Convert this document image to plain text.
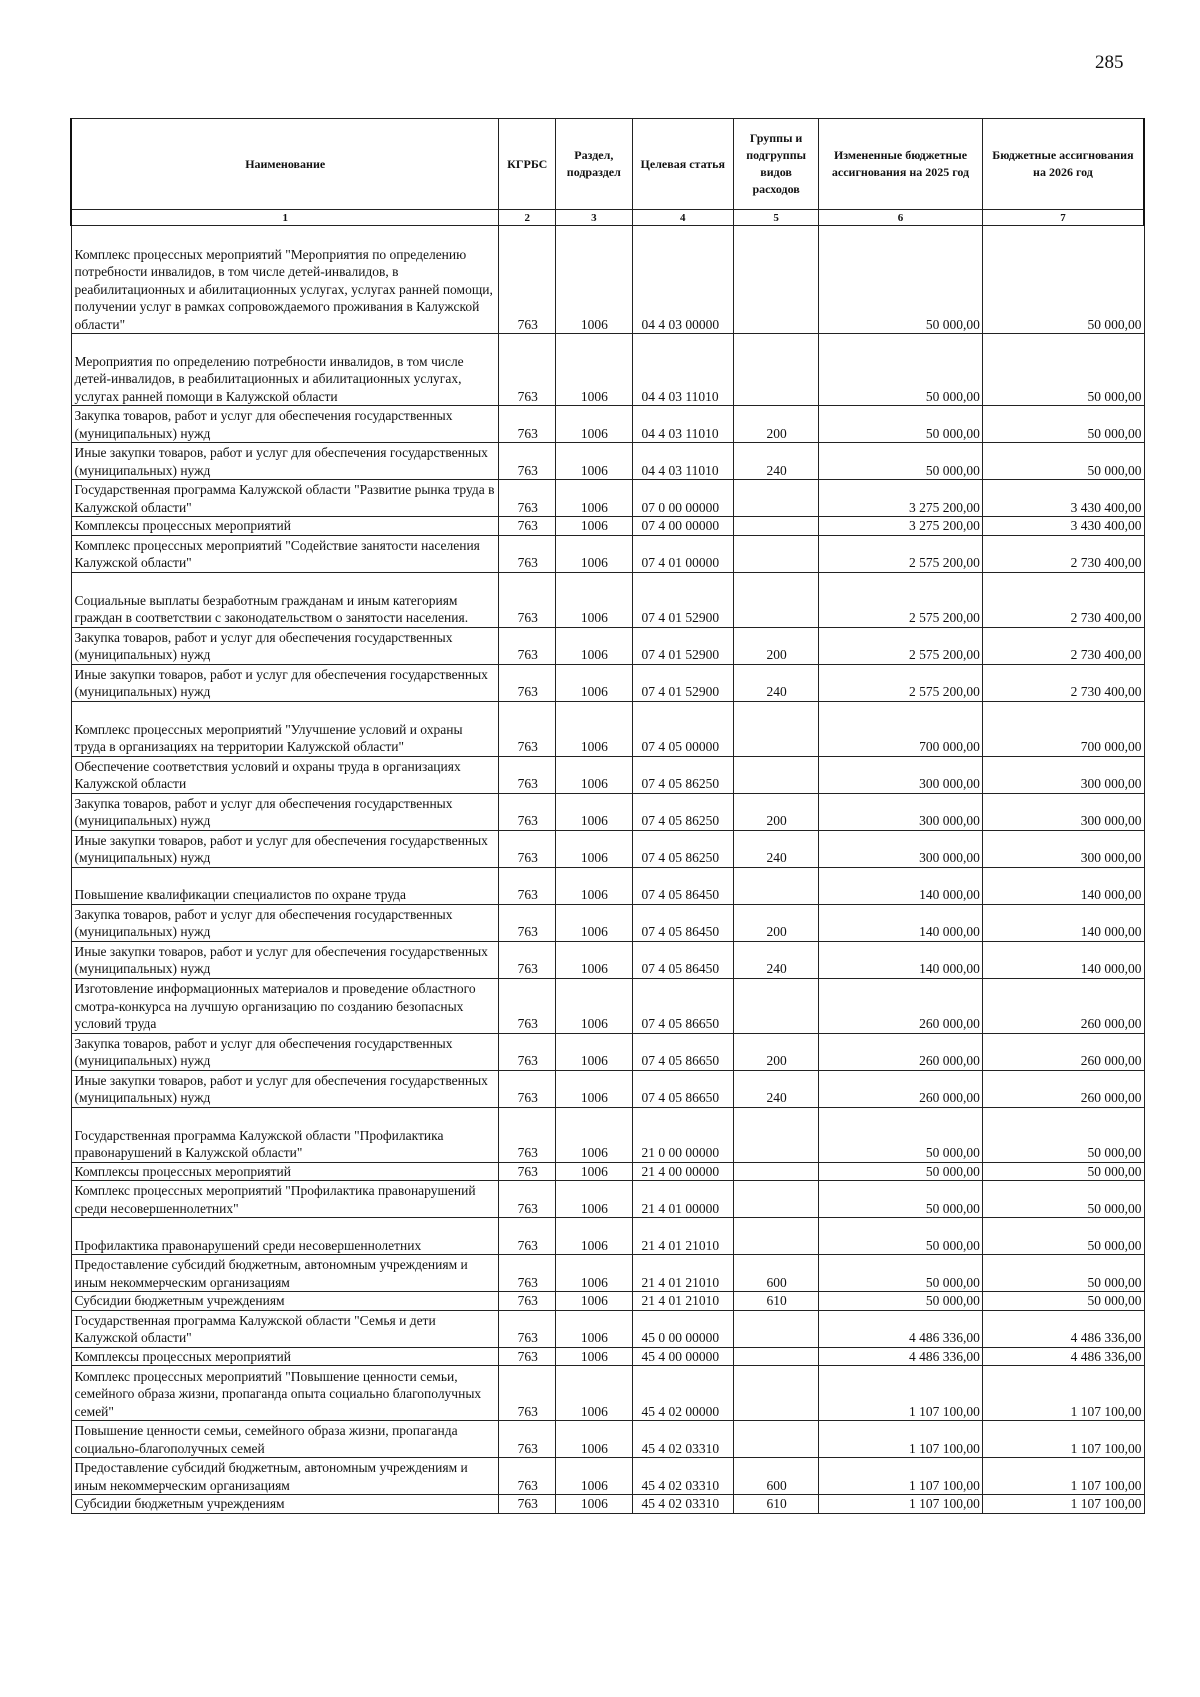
285
Наименование	КГРБС	Раздел, подраздел	Целевая статья	Группы и подгруппы видов расходов	Измененные бюджетные ассигнования на 2025 год	Бюджетные ассигнования на 2026 год
1	2	3	4	5	6	7
Комплекс процессных мероприятий "Мероприятия по определению потребности инвалидов, в том числе детей-инвалидов, в реабилитационных и абилитационных услугах, услугах ранней помощи, получении услуг в рамках сопровождаемого проживания в Калужской области"	763	1006	04 4 03 00000		50 000,00	50 000,00
Мероприятия по определению потребности инвалидов, в том числе детей-инвалидов, в реабилитационных и абилитационных услугах, услугах ранней помощи в Калужской области	763	1006	04 4 03 11010		50 000,00	50 000,00
Закупка товаров, работ и услуг для обеспечения государственных (муниципальных) нужд	763	1006	04 4 03 11010	200	50 000,00	50 000,00
Иные закупки товаров, работ и услуг для обеспечения государственных (муниципальных) нужд	763	1006	04 4 03 11010	240	50 000,00	50 000,00
Государственная программа Калужской области "Развитие рынка труда в Калужской области"	763	1006	07 0 00 00000		3 275 200,00	3 430 400,00
Комплексы процессных мероприятий	763	1006	07 4 00 00000		3 275 200,00	3 430 400,00
Комплекс процессных мероприятий "Содействие занятости населения Калужской области"	763	1006	07 4 01 00000		2 575 200,00	2 730 400,00
Социальные выплаты безработным гражданам и иным категориям граждан в соответствии с законодательством о занятости населения.	763	1006	07 4 01 52900		2 575 200,00	2 730 400,00
Закупка товаров, работ и услуг для обеспечения государственных (муниципальных) нужд	763	1006	07 4 01 52900	200	2 575 200,00	2 730 400,00
Иные закупки товаров, работ и услуг для обеспечения государственных (муниципальных) нужд	763	1006	07 4 01 52900	240	2 575 200,00	2 730 400,00
Комплекс процессных мероприятий "Улучшение условий и охраны труда в организациях на территории Калужской области"	763	1006	07 4 05 00000		700 000,00	700 000,00
Обеспечение соответствия условий и охраны труда в организациях Калужской области	763	1006	07 4 05 86250		300 000,00	300 000,00
Закупка товаров, работ и услуг для обеспечения государственных (муниципальных) нужд	763	1006	07 4 05 86250	200	300 000,00	300 000,00
Иные закупки товаров, работ и услуг для обеспечения государственных (муниципальных) нужд	763	1006	07 4 05 86250	240	300 000,00	300 000,00
Повышение квалификации специалистов по охране труда	763	1006	07 4 05 86450		140 000,00	140 000,00
Закупка товаров, работ и услуг для обеспечения государственных (муниципальных) нужд	763	1006	07 4 05 86450	200	140 000,00	140 000,00
Иные закупки товаров, работ и услуг для обеспечения государственных (муниципальных) нужд	763	1006	07 4 05 86450	240	140 000,00	140 000,00
Изготовление информационных материалов и проведение областного смотра-конкурса на лучшую организацию по созданию безопасных условий труда	763	1006	07 4 05 86650		260 000,00	260 000,00
Закупка товаров, работ и услуг для обеспечения государственных (муниципальных) нужд	763	1006	07 4 05 86650	200	260 000,00	260 000,00
Иные закупки товаров, работ и услуг для обеспечения государственных (муниципальных) нужд	763	1006	07 4 05 86650	240	260 000,00	260 000,00
Государственная программа Калужской области "Профилактика правонарушений в Калужской области"	763	1006	21 0 00 00000		50 000,00	50 000,00
Комплексы процессных мероприятий	763	1006	21 4 00 00000		50 000,00	50 000,00
Комплекс процессных мероприятий "Профилактика правонарушений среди несовершеннолетних"	763	1006	21 4 01 00000		50 000,00	50 000,00
Профилактика правонарушений среди несовершеннолетних	763	1006	21 4 01 21010		50 000,00	50 000,00
Предоставление субсидий бюджетным, автономным учреждениям и иным некоммерческим организациям	763	1006	21 4 01 21010	600	50 000,00	50 000,00
Субсидии бюджетным учреждениям	763	1006	21 4 01 21010	610	50 000,00	50 000,00
Государственная программа Калужской области "Семья и дети Калужской области"	763	1006	45 0 00 00000		4 486 336,00	4 486 336,00
Комплексы процессных мероприятий	763	1006	45 4 00 00000		4 486 336,00	4 486 336,00
Комплекс процессных мероприятий "Повышение ценности семьи, семейного образа жизни, пропаганда опыта социально благополучных семей"	763	1006	45 4 02 00000		1 107 100,00	1 107 100,00
Повышение ценности семьи, семейного образа жизни, пропаганда социально-благополучных семей	763	1006	45 4 02 03310		1 107 100,00	1 107 100,00
Предоставление субсидий бюджетным, автономным учреждениям и иным некоммерческим организациям	763	1006	45 4 02 03310	600	1 107 100,00	1 107 100,00
Субсидии бюджетным учреждениям	763	1006	45 4 02 03310	610	1 107 100,00	1 107 100,00
